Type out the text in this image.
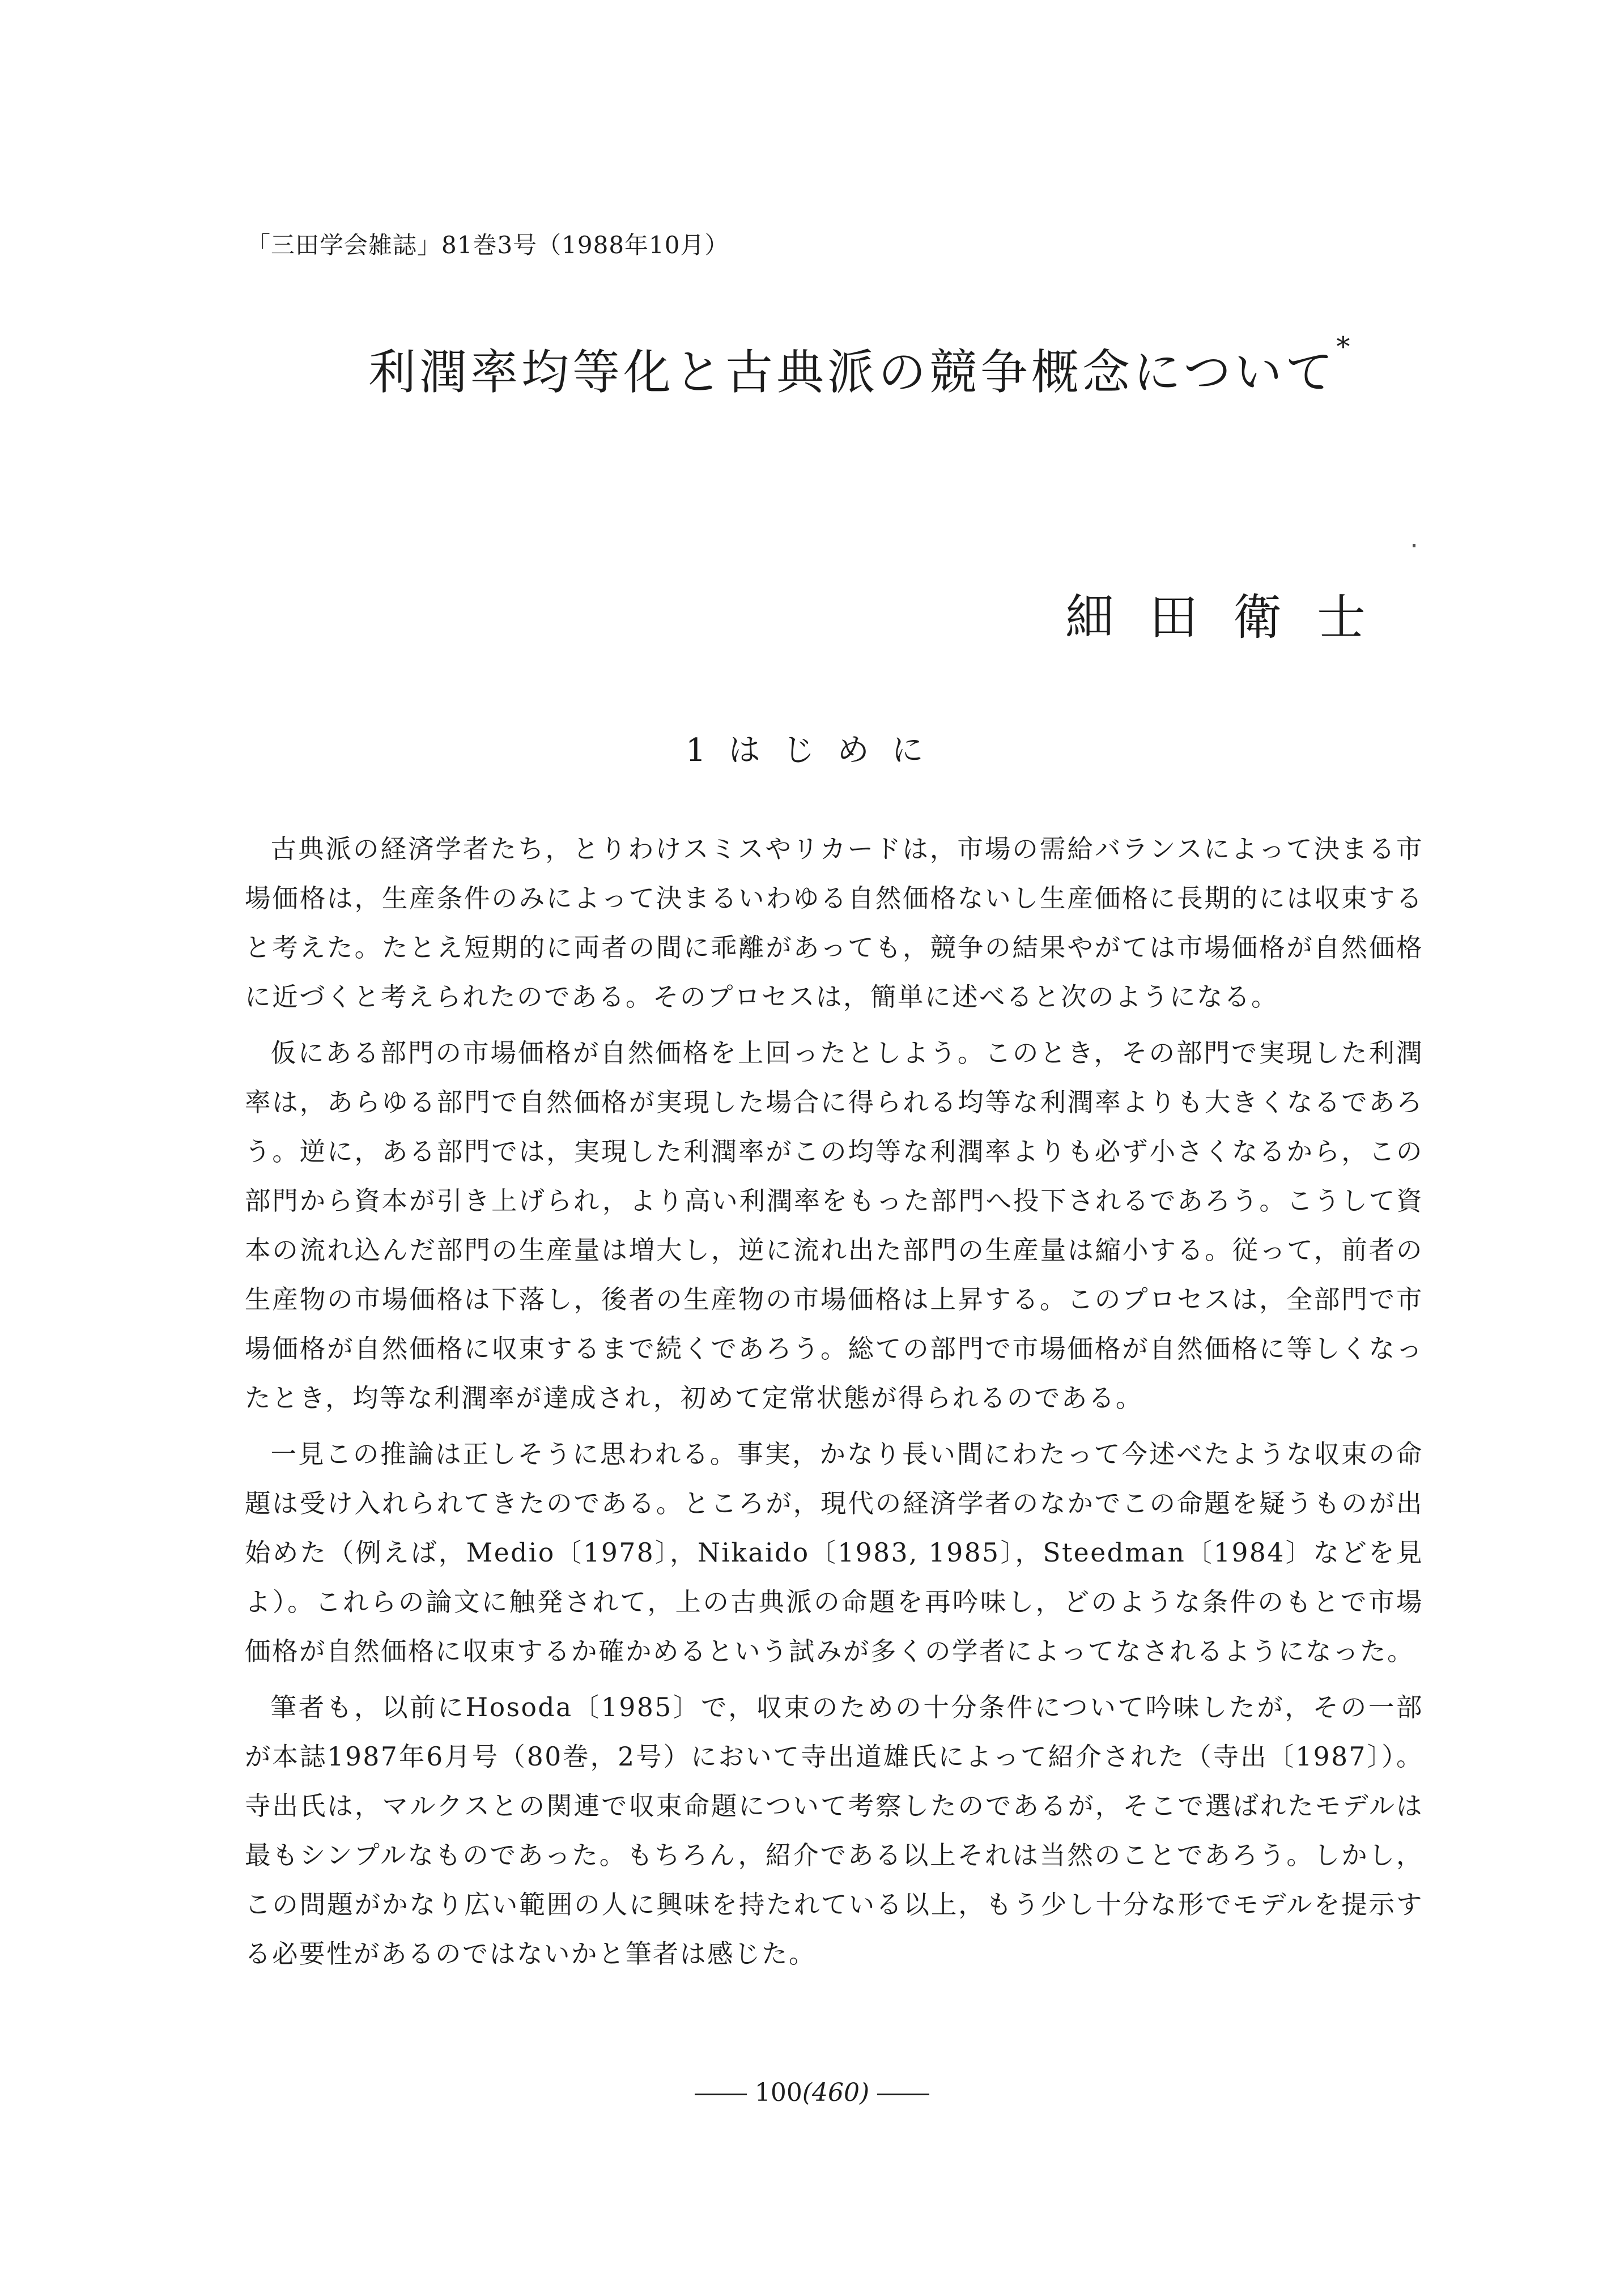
「三田学会雑誌」81巻3号（1988年10月）
利潤率均等化と古典派の競争概念について*
細田衛士
1はじめに

古典派の経済学者たち，とりわけスミスやリカードは，市場の需給バランスによって決まる市場価格は，生産条件のみによって決まるいわゆる自然価格ないし生産価格に長期的には収束すると考えた。たとえ短期的に両者の間に乖離があっても，競争の結果やがては市場価格が自然価格に近づくと考えられたのである。そのプロセスは，簡単に述べると次のようになる。

仮にある部門の市場価格が自然価格を上回ったとしよう。このとき，その部門で実現した利潤率は，あらゆる部門で自然価格が実現した場合に得られる均等な利潤率よりも大きくなるであろう。逆に，ある部門では，実現した利潤率がこの均等な利潤率よりも必ず小さくなるから，この部門から資本が引き上げられ，より高い利潤率をもった部門へ投下されるであろう。こうして資本の流れ込んだ部門の生産量は増大し，逆に流れ出た部門の生産量は縮小する。従って，前者の生産物の市場価格は下落し，後者の生産物の市場価格は上昇する。このプロセスは，全部門で市場価格が自然価格に収束するまで続くであろう。総ての部門で市場価格が自然価格に等しくなったとき，均等な利潤率が達成され，初めて定常状態が得られるのである。

一見この推論は正しそうに思われる。事実，かなり長い間にわたって今述べたような収束の命題は受け入れられてきたのである。ところが，現代の経済学者のなかでこの命題を疑うものが出始めた（例えば，Medio〔1978〕，Nikaido〔1983, 1985〕，Steedman〔1984〕などを見よ）。これらの論文に触発されて，上の古典派の命題を再吟味し，どのような条件のもとで市場価格が自然価格に収束するか確かめるという試みが多くの学者によってなされるようになった。

筆者も，以前にHosoda〔1985〕で，収束のための十分条件について吟味したが，その一部が本誌1987年6月号（80巻，2号）において寺出道雄氏によって紹介された（寺出〔1987〕）。寺出氏は，マルクスとの関連で収束命題について考察したのであるが，そこで選ばれたモデルは最もシンプルなものであった。もちろん，紹介である以上それは当然のことであろう。しかし，この問題がかなり広い範囲の人に興味を持たれている以上，もう少し十分な形でモデルを提示する必要性があるのではないかと筆者は感じた。

100(460)
